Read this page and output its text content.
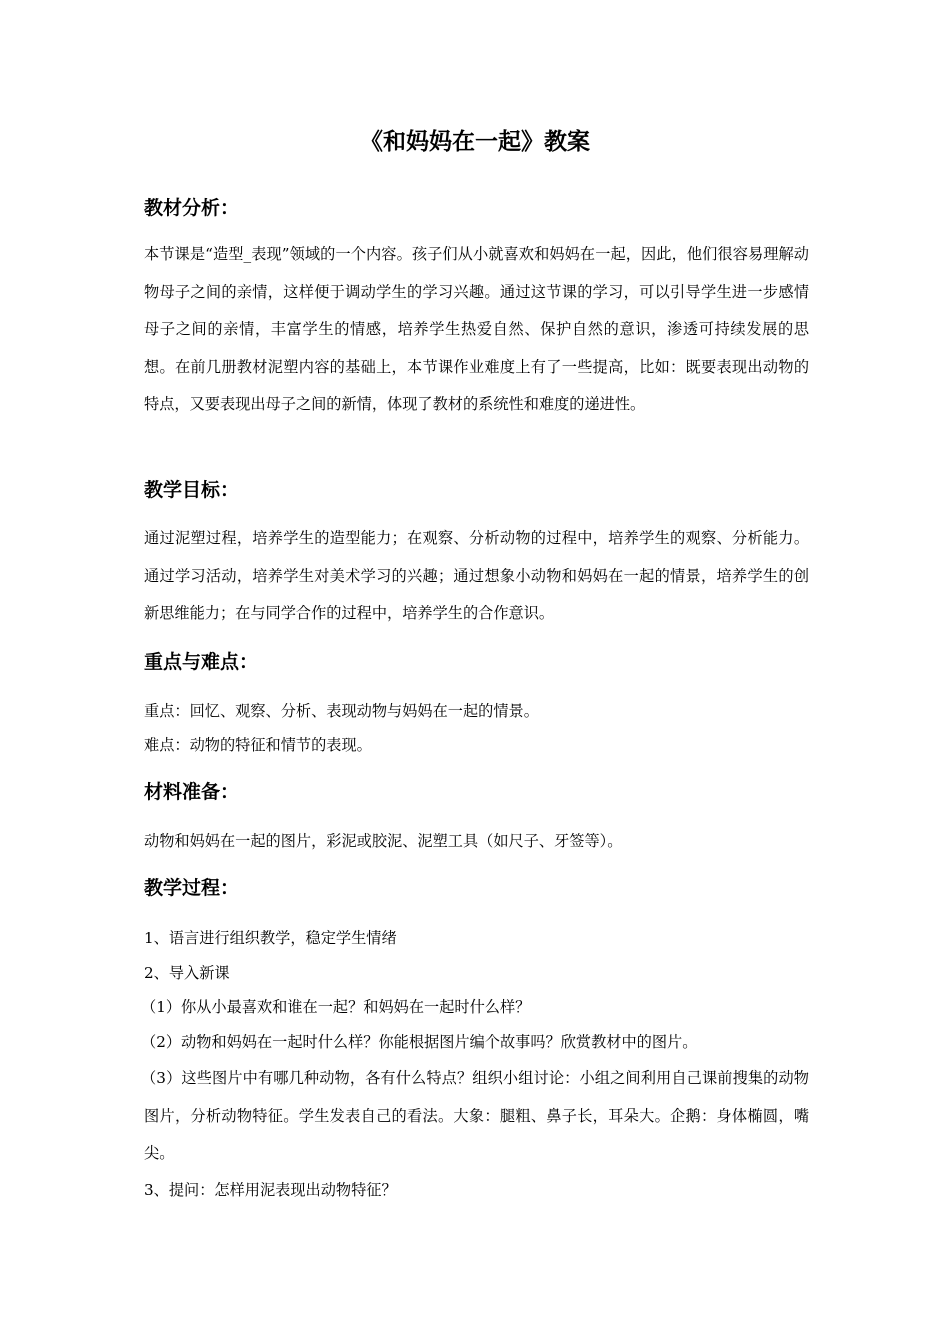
《和妈妈在一起》教案
教材分析：

本节课是“造型_表现”领域的一个内容。孩子们从小就喜欢和妈妈在一起，因此，他们很容易理解动物母子之间的亲情，这样便于调动学生的学习兴趣。通过这节课的学习，可以引导学生进一步感情母子之间的亲情，丰富学生的情感，培养学生热爱自然、保护自然的意识，渗透可持续发展的思想。在前几册教材泥塑内容的基础上，本节课作业难度上有了一些提高，比如：既要表现出动物的特点，又要表现出母子之间的新情，体现了教材的系统性和难度的递进性。

教学目标：

通过泥塑过程，培养学生的造型能力；在观察、分析动物的过程中，培养学生的观察、分析能力。通过学习活动，培养学生对美术学习的兴趣；通过想象小动物和妈妈在一起的情景，培养学生的创新思维能力；在与同学合作的过程中，培养学生的合作意识。

重点与难点：

重点：回忆、观察、分析、表现动物与妈妈在一起的情景。

难点：动物的特征和情节的表现。

材料准备：

动物和妈妈在一起的图片，彩泥或胶泥、泥塑工具（如尺子、牙签等）。

教学过程：

1、语言进行组织教学，稳定学生情绪

2、导入新课

（1）你从小最喜欢和谁在一起？和妈妈在一起时什么样？

（2）动物和妈妈在一起时什么样？你能根据图片编个故事吗？欣赏教材中的图片。

（3）这些图片中有哪几种动物，各有什么特点？组织小组讨论：小组之间利用自己课前搜集的动物图片，分析动物特征。学生发表自己的看法。大象：腿粗、鼻子长，耳朵大。企鹅：身体椭圆，嘴尖。

3、提问：怎样用泥表现出动物特征？
